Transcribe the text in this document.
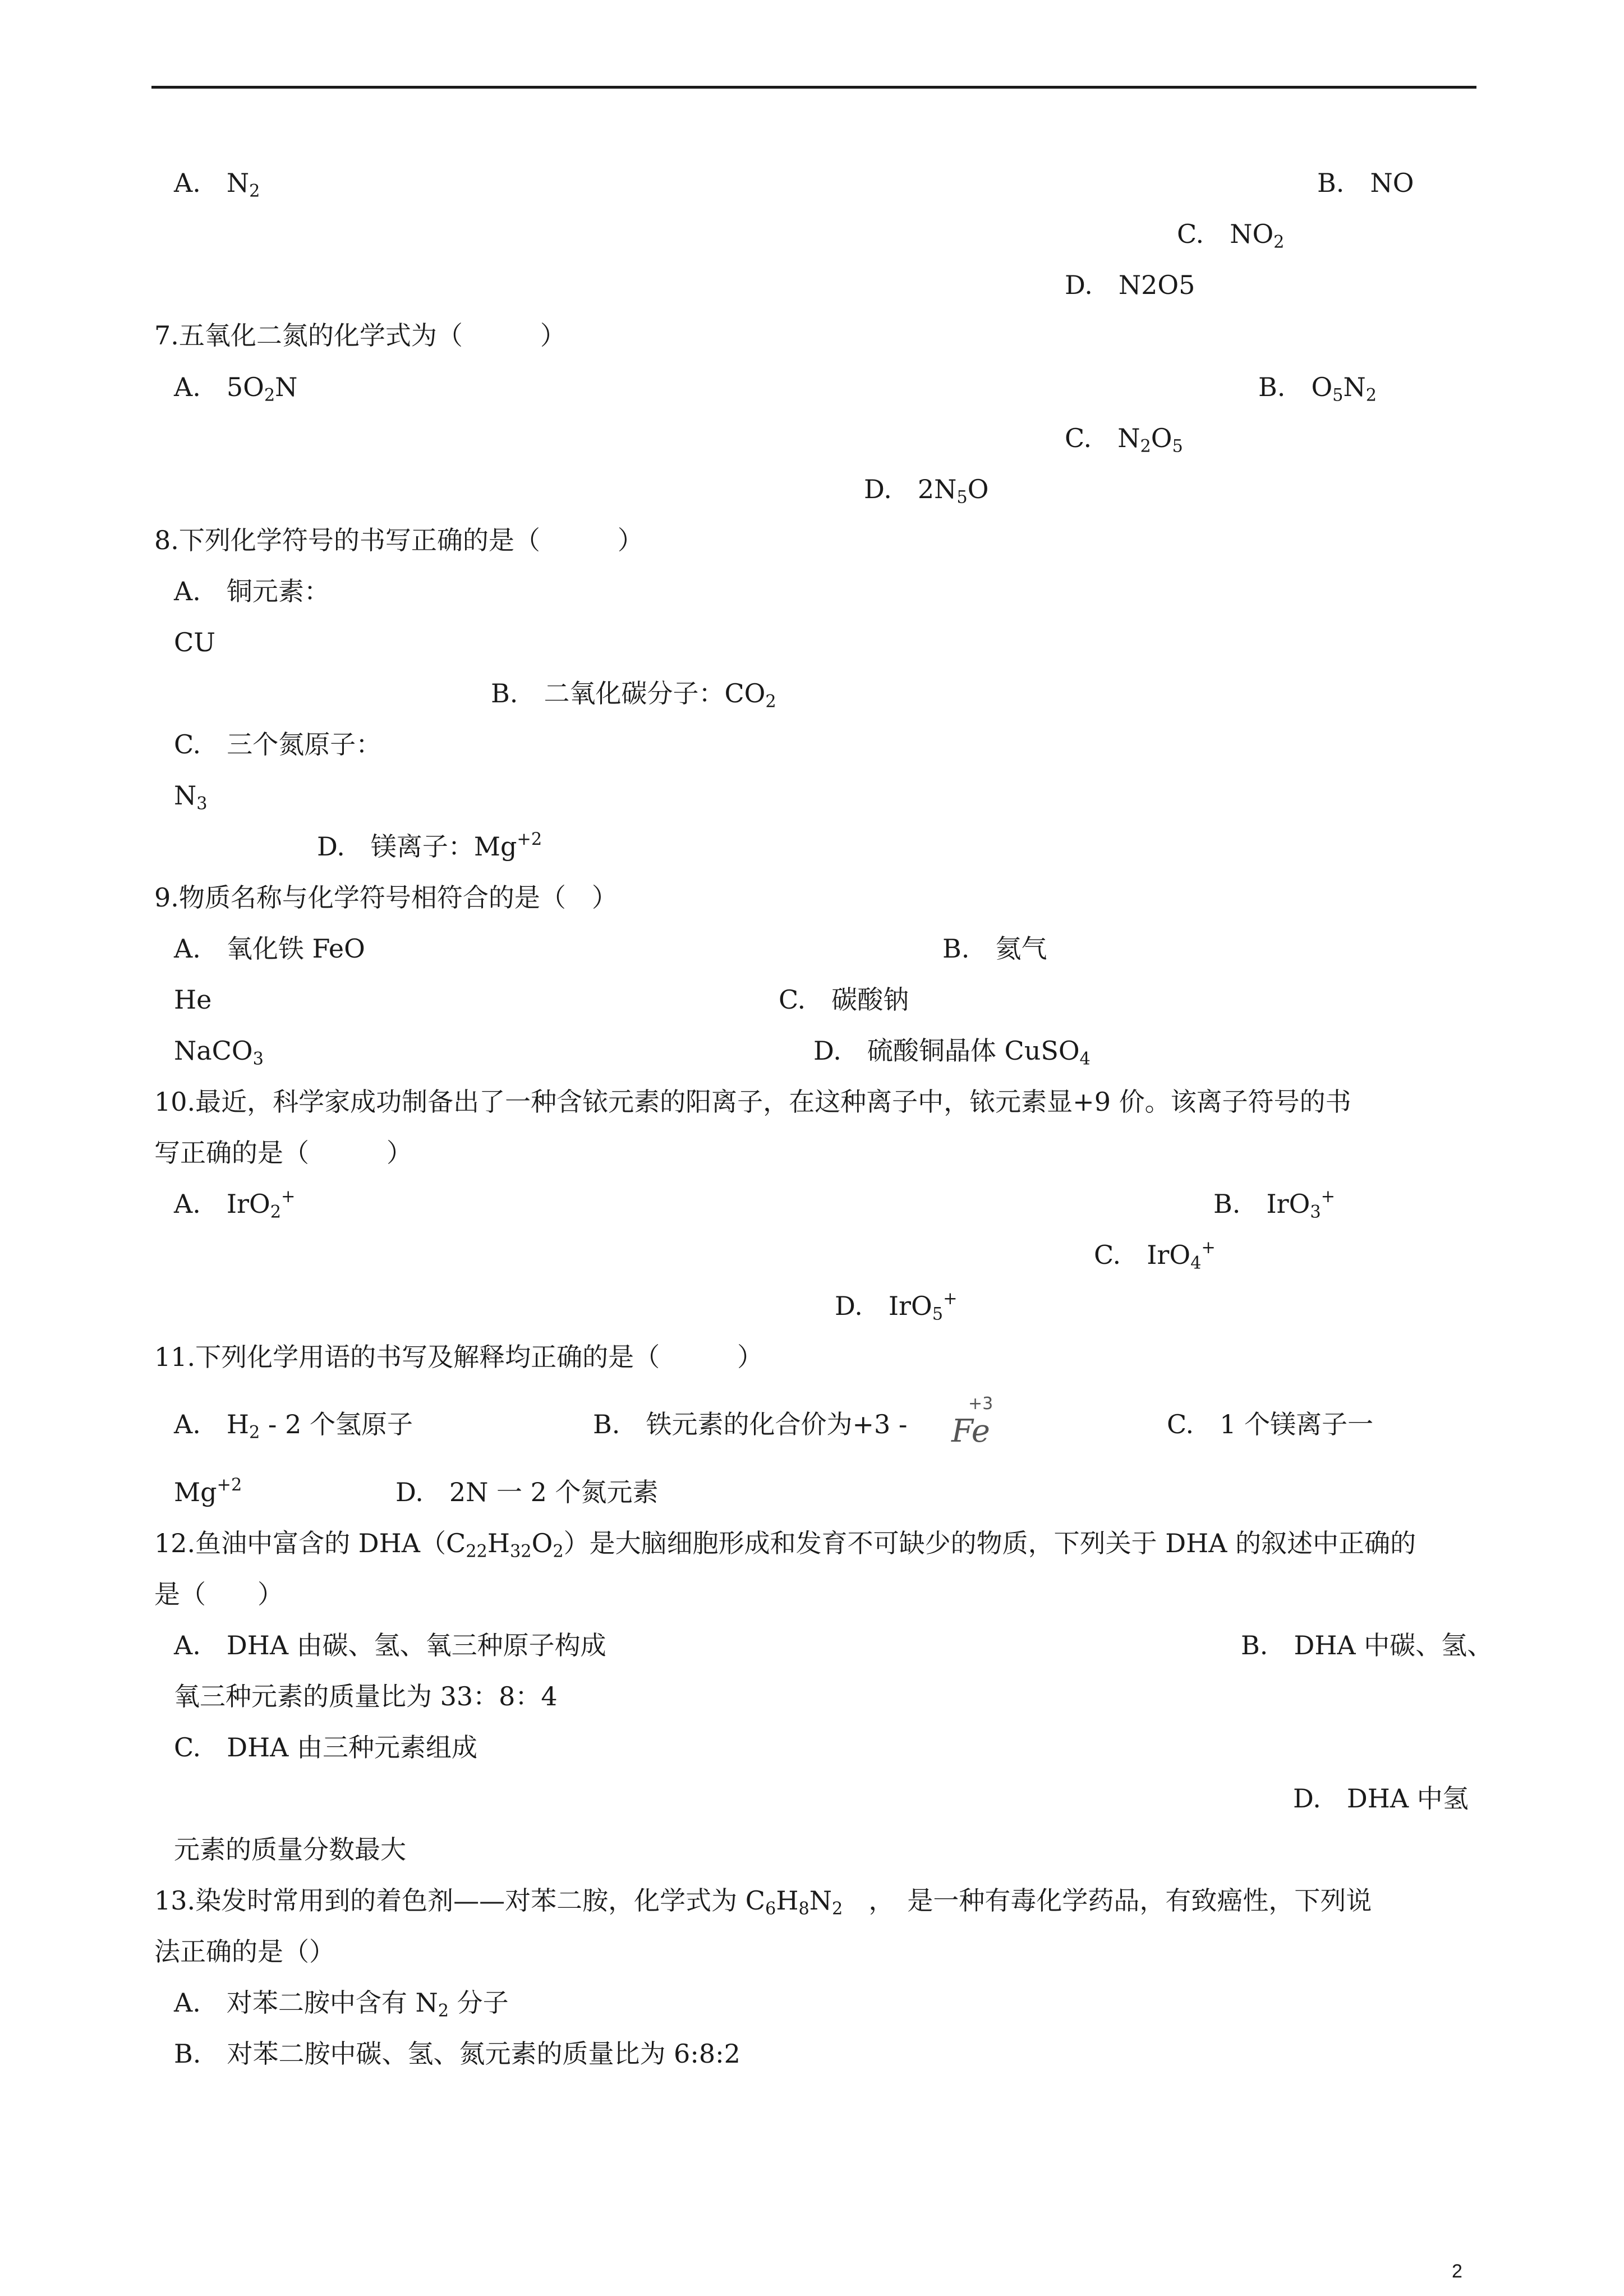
A.　 $N_2$	B.　 NO
C.　 $NO_2$
D.　 N2O5
7.五氧化二氮的化学式为（　　　）
A.　 $5O_2N$	B.　 $O_5N_2$
C.　 $N_2O_5$
D.　 $2N_5O$
8.下列化学符号的书写正确的是（　　　）
A.　 铜元素：
CU
B.　 二氧化碳分子：$CO_2$
C.　 三个氮原子：
$N_3$
D.　 镁离子：$Mg^{+2}$
9.物质名称与化学符号相符合的是（　）
A.　 氧化铁 FeO	B.　 氦气
He	C.　 碳酸钠
NaCO$_3$	D.　 硫酸铜晶体 CuSO$_4$
10.最近，科学家成功制备出了一种含铱元素的阳离子，在这种离子中，铱元素显+9 价。该离子符号的书
写正确的是（　　　）
A.　 IrO$_2$+	B.　 IrO$_3$+
C.　 IrO$_4$+
D.　 IrO$_5$+
11.下列化学用语的书写及解释均正确的是（　　　）
A.　 $H_2 - 2$ 个氢原子	B.　 铁元素的化合价为+3 -
+3
Fe	C.　 1 个镁离子一
$Mg^{+2}$	D.　 2N 一 2 个氮元素
12.鱼油中富含的 $DHA(C_{22}H_{32}O_2)$是大脑细胞形成和发育不可缺少的物质，下列关于 DHA 的叙述中正确的
是（　　）
A.　 DHA 由碳、氢、氧三种原子构成	B.　 DHA 中碳、氢、
氧三种元素的质量比为 33：8：4
C.　 DHA 由三种元素组成
D.　 DHA 中氢
元素的质量分数最大
13.染发时常用到的着色剂——对苯二胺，化学式为 $C_6H_8N_2$　，　是一种有毒化学药品，有致癌性，下列说
法正确的是（）
A.　 对苯二胺中含有 $N_2$ 分子
B.　 对苯二胺中碳、氢、氮元素的质量比为 6:8:2
2
